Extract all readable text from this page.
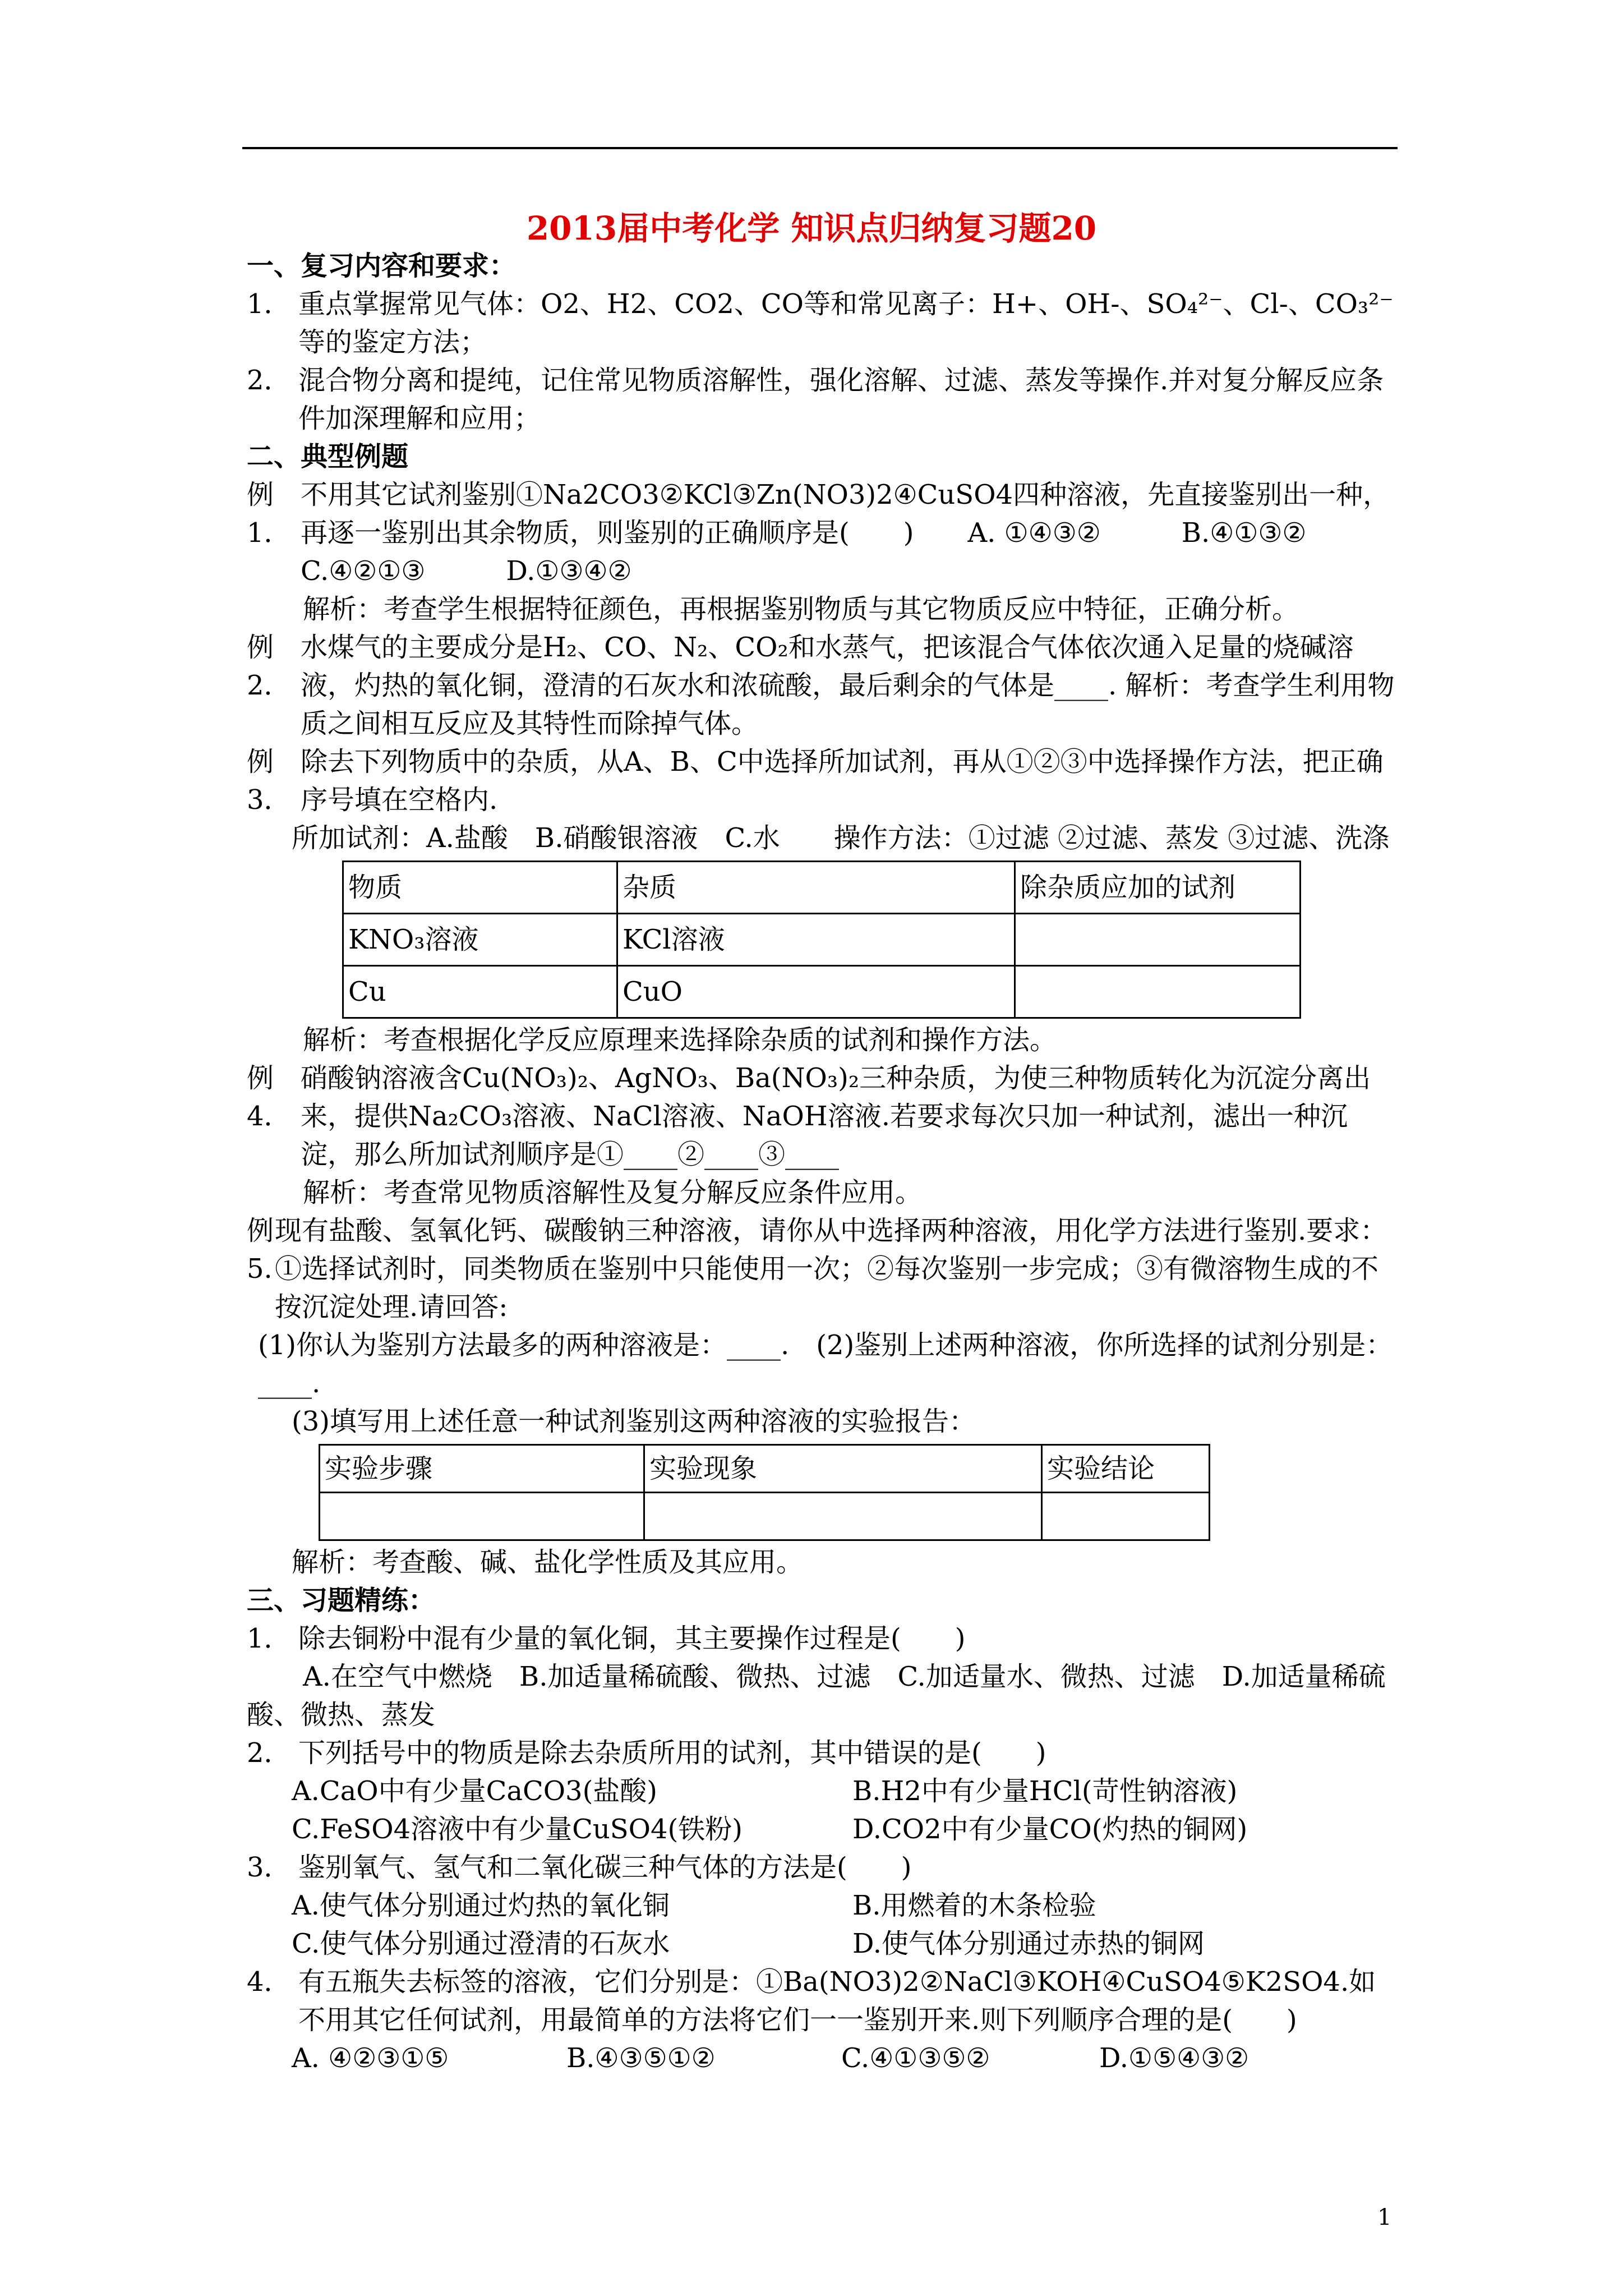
2013届中考化学 知识点归纳复习题20
一、复习内容和要求：
1． 重点掌握常见气体：O2、H2、CO2、CO等和常见离子：H+、OH-、SO₄²⁻、Cl-、CO₃²⁻等的鉴定方法；
2． 混合物分离和提纯，记住常见物质溶解性，强化溶解、过滤、蒸发等操作.并对复分解反应条件加深理解和应用；
二、典型例题
例1．
不用其它试剂鉴别①Na2CO3②KCl③Zn(NO3)2④CuSO4四种溶液，先直接鉴别出一种，再逐一鉴别出其余物质，则鉴别的正确顺序是(　　)　　A. ①④③②　　　B.④①③②　　　C.④②①③　　　D.①③④②
解析：考查学生根据特征颜色，再根据鉴别物质与其它物质反应中特征，正确分析。
例2．
水煤气的主要成分是H₂、CO、N₂、CO₂和水蒸气，把该混合气体依次通入足量的烧碱溶液，灼热的氧化铜，澄清的石灰水和浓硫酸，最后剩余的气体是____. 解析：考查学生利用物质之间相互反应及其特性而除掉气体。
例3．
除去下列物质中的杂质，从A、B、C中选择所加试剂，再从①②③中选择操作方法，把正确序号填在空格内.
所加试剂：A.盐酸　B.硝酸银溶液　C.水　　操作方法：①过滤 ②过滤、蒸发 ③过滤、洗涤
物质	杂质	除杂质应加的试剂
KNO₃溶液	KCl溶液	
Cu	CuO	
解析：考查根据化学反应原理来选择除杂质的试剂和操作方法。
例4．
硝酸钠溶液含Cu(NO₃)₂、AgNO₃、Ba(NO₃)₂三种杂质，为使三种物质转化为沉淀分离出来，提供Na₂CO₃溶液、NaCl溶液、NaOH溶液.若要求每次只加一种试剂，滤出一种沉淀，那么所加试剂顺序是①____②____③____
解析：考查常见物质溶解性及复分解反应条件应用。
例5.
现有盐酸、氢氧化钙、碳酸钠三种溶液，请你从中选择两种溶液，用化学方法进行鉴别.要求：①选择试剂时，同类物质在鉴别中只能使用一次；②每次鉴别一步完成；③有微溶物生成的不按沉淀处理.请回答:
(1)你认为鉴别方法最多的两种溶液是：____.　(2)鉴别上述两种溶液，你所选择的试剂分别是：____.
(3)填写用上述任意一种试剂鉴别这两种溶液的实验报告：
实验步骤	实验现象	实验结论

解析：考查酸、碱、盐化学性质及其应用。
三、习题精练：
1． 除去铜粉中混有少量的氧化铜，其主要操作过程是(　　)
A.在空气中燃烧　B.加适量稀硫酸、微热、过滤　C.加适量水、微热、过滤　D.加适量稀硫酸、微热、蒸发
2． 下列括号中的物质是除去杂质所用的试剂，其中错误的是(　　)
A.CaO中有少量CaCO3(盐酸)	B.H2中有少量HCl(苛性钠溶液)
C.FeSO4溶液中有少量CuSO4(铁粉)	D.CO2中有少量CO(灼热的铜网)
3． 鉴别氧气、氢气和二氧化碳三种气体的方法是(　　)
A.使气体分别通过灼热的氧化铜	B.用燃着的木条检验
C.使气体分别通过澄清的石灰水	D.使气体分别通过赤热的铜网
4． 有五瓶失去标签的溶液，它们分别是：①Ba(NO3)2②NaCl③KOH④CuSO4⑤K2SO4.如不用其它任何试剂，用最简单的方法将它们一一鉴别开来.则下列顺序合理的是(　　)
A. ④②③①⑤	B.④③⑤①②	C.④①③⑤②	D.①⑤④③②
1
